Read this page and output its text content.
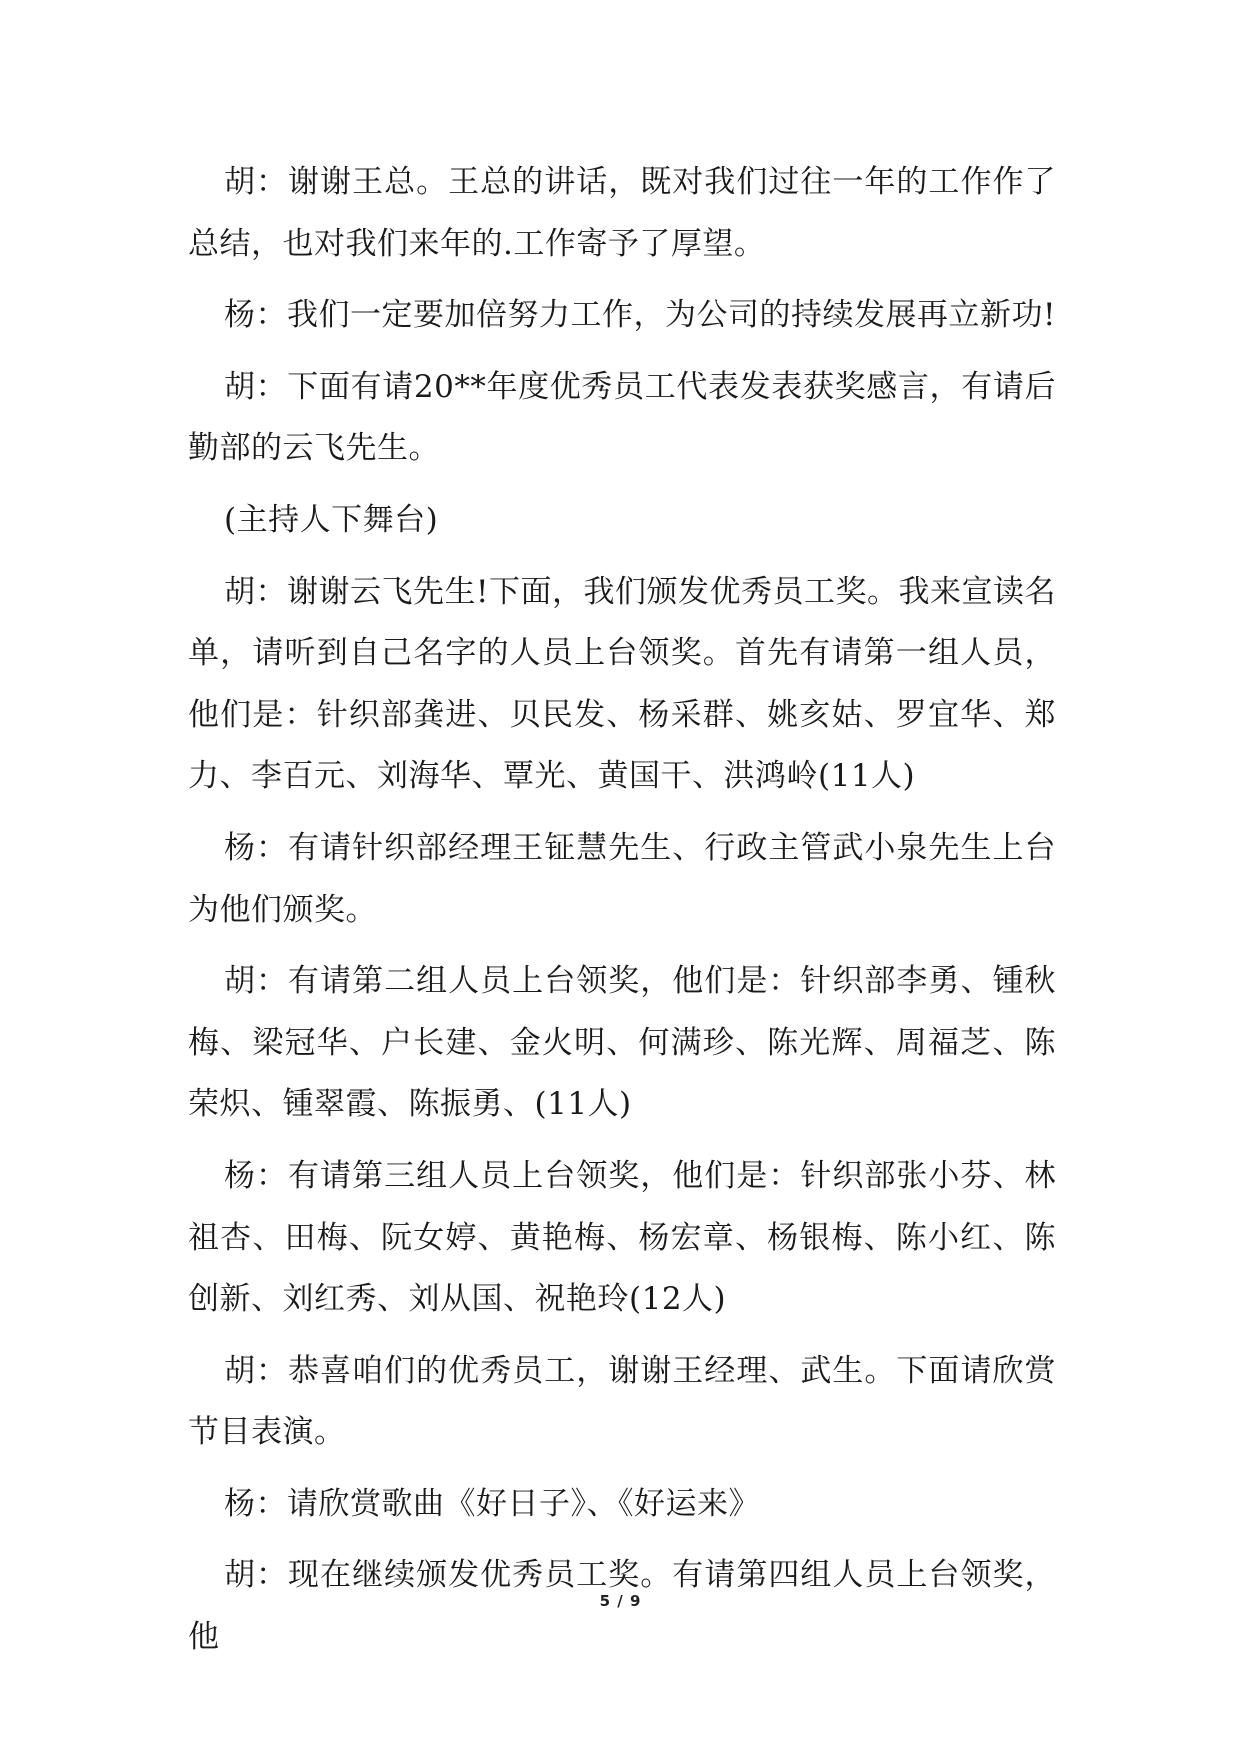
胡：谢谢王总。王总的讲话，既对我们过往一年的工作作了总结，也对我们来年的.工作寄予了厚望。

杨：我们一定要加倍努力工作，为公司的持续发展再立新功!

胡：下面有请20**年度优秀员工代表发表获奖感言，有请后勤部的云飞先生。

(主持人下舞台)

胡：谢谢云飞先生!下面，我们颁发优秀员工奖。我来宣读名单，请听到自己名字的人员上台领奖。首先有请第一组人员，他们是：针织部龚进、贝民发、杨采群、姚亥姑、罗宜华、郑力、李百元、刘海华、覃光、黄国干、洪鸿岭(11人)

杨：有请针织部经理王钲慧先生、行政主管武小泉先生上台为他们颁奖。

胡：有请第二组人员上台领奖，他们是：针织部李勇、锺秋梅、梁冠华、户长建、金火明、何满珍、陈光辉、周福芝、陈荣炽、锺翠霞、陈振勇、(11人)

杨：有请第三组人员上台领奖，他们是：针织部张小芬、林祖杏、田梅、阮女婷、黄艳梅、杨宏章、杨银梅、陈小红、陈创新、刘红秀、刘从国、祝艳玲(12人)

胡：恭喜咱们的优秀员工，谢谢王经理、武生。下面请欣赏节目表演。

杨：请欣赏歌曲《好日子》、《好运来》

胡：现在继续颁发优秀员工奖。有请第四组人员上台领奖，他

5 / 9
